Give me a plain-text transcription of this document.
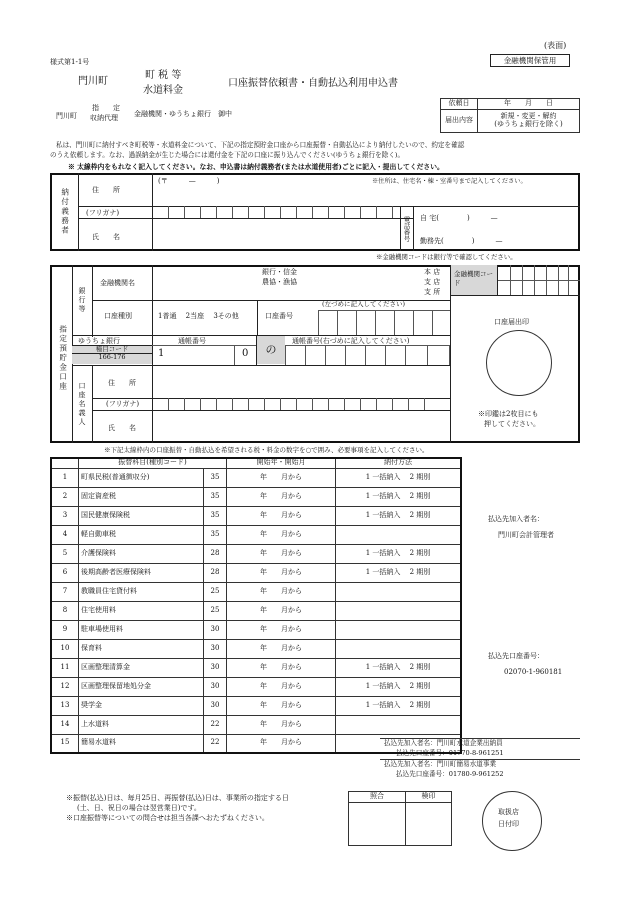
(表面)
金融機関保管用
様式第1-1号
門川町
町 税 等
水道料金
口座振替依頼書・自動払込利用申込書
門川町
指　　定
収納代理 金融機関・ゆうちょ銀行　御中
依頼日	年　　月　　日
届出内容	新規・変更・解約
(ゆうちょ銀行を除く)
私は、門川町に納付すべき町税等・水道料金について、下記の指定預貯金口座から口座振替・自動払込により納付したいので、約定を確認
のうえ依頼します。なお、過誤納金が生じた場合には還付金を下記の口座に振り込んでください(ゆうちょ銀行を除く)。
※ 太線枠内をもれなく記入してください。なお、申込書は納付義務者(または水道使用者)ごとに記入・提出してください。
納付義務者	住　　所
(〒　　　—　　　)	※住所は、住宅名・棟・室番号まで記入してください。
(フリガナ)
氏　　名	電話番号 自 宅(　　　　)　　　—
勤務先(　　　　)　　　—
※金融機関コードは銀行等で確認してください。
指定預貯金口座
銀行等
金融機関名
銀行・信金
農協・漁協
本 店
支 店
支 所
金融機関コード
口座種別	1普通　 2当座　 3その他	口座番号
(左づめに記入してください)
ゆうちょ銀行	通帳番号
種目コード
166-176	1	0	の
通帳番号(右づめに記入してください)
口座名義人	住　　所
(フリガナ)
氏　　名
口座届出印
※印鑑は2枚目にも
押してください。
※下記太線枠内の口座振替・自動払込を希望される税・料金の数字を○で囲み、必要事項を記入してください。
	振替科目(種別コード)		開始年・開始月	納付方法
1	町県民税(普通徴収分)	35	年　　月から	1 一括納入　 2 期別
2	固定資産税	35	年　　月から	1 一括納入　 2 期別
3	国民健康保険税	35	年　　月から	1 一括納入　 2 期別
4	軽自動車税	35	年　　月から	
5	介護保険料	28	年　　月から	1 一括納入　 2 期別
6	後期高齢者医療保険料	28	年　　月から	1 一括納入　 2 期別
7	教職員住宅貸付料	25	年　　月から	
8	住宅使用料	25	年　　月から	
9	駐車場使用料	30	年　　月から	
10	保育料	30	年　　月から	
11	区画整理清算金	30	年　　月から	1 一括納入　 2 期別
12	区画整理保留地処分金	30	年　　月から	1 一括納入　 2 期別
13	奨学金	30	年　　月から	1 一括納入　 2 期別
14	上水道料	22	年　　月から	
15	簡易水道料	22	年　　月から	
払込先加入者名：
門川町会計管理者
払込先口座番号：
02070-1-960181
払込先加入者名：門川町水道企業出納員
払込先口座番号：01770-8-961251
払込先加入者名：門川町簡易水道事業
払込先口座番号：01780-9-961252
※振替(払込)日は、毎月25日、再振替(払込)日は、事業所の指定する日
　(土、日、祝日の場合は翌営業日)です。
※口座振替等についての問合せは担当各課へおたずねください。
照合	検印

取扱店
日付印
